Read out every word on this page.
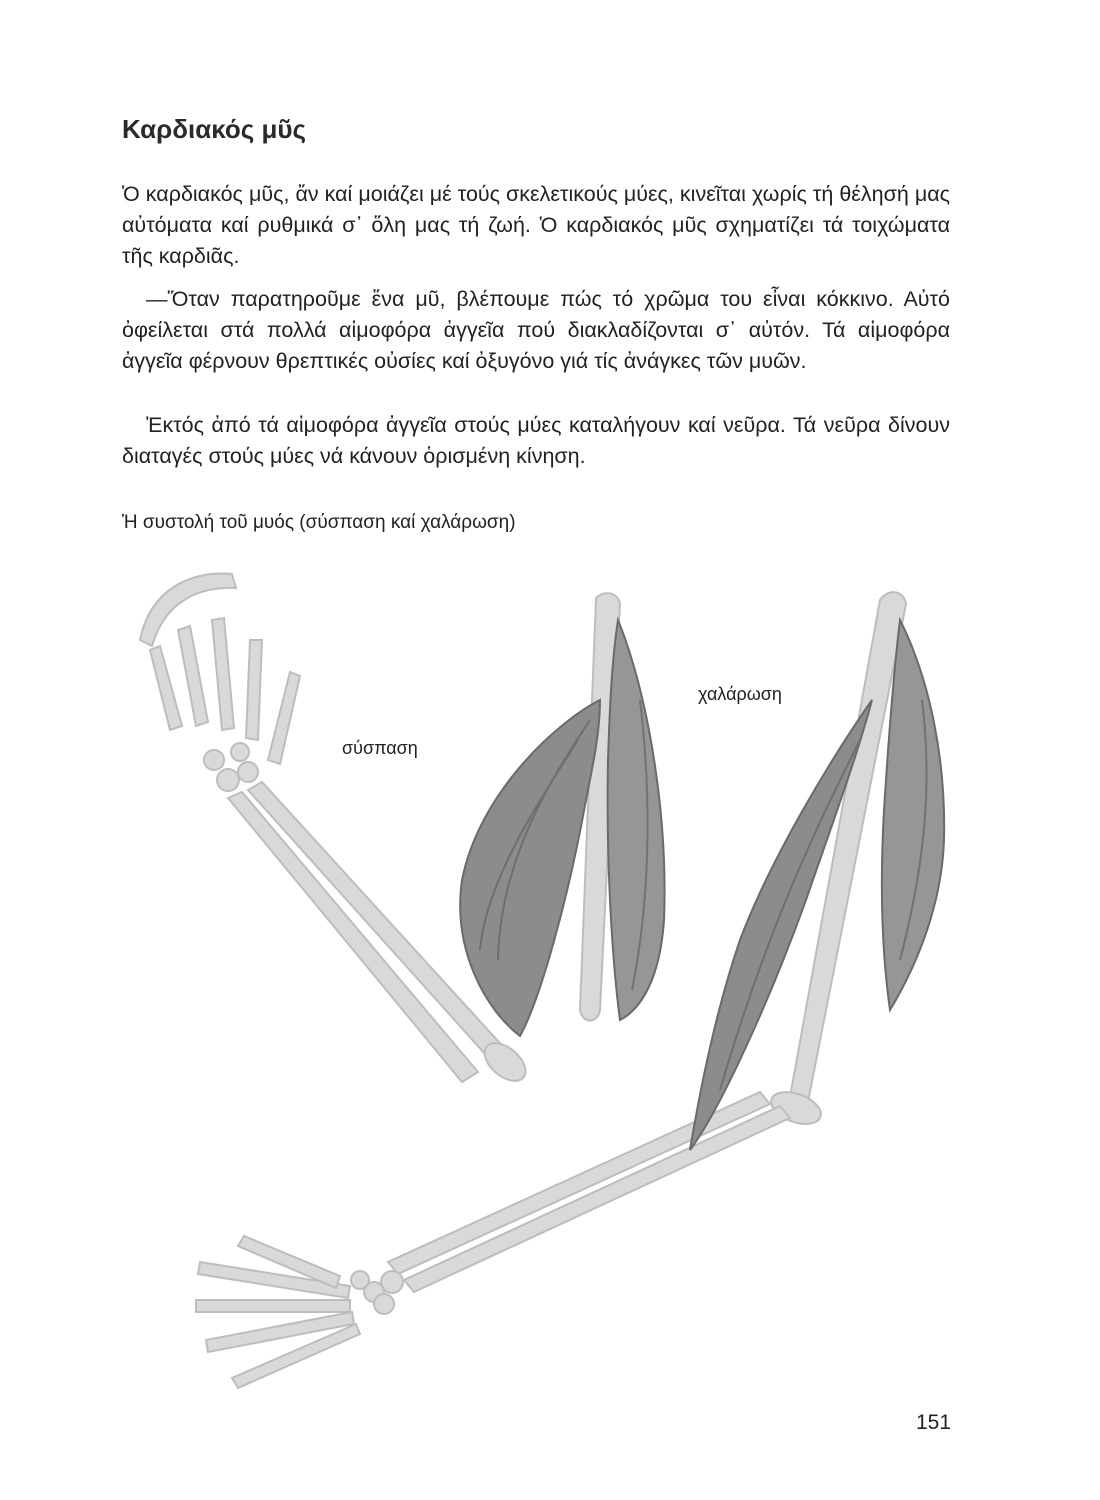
Καρδιακός μῦς

Ὁ καρδιακός μῦς, ἄν καί μοιάζει μέ τούς σκελετικούς μύες, κινεῖται χωρίς τή θέλησή μας αὐτόματα καί ρυθμικά σ᾽ ὅλη μας τή ζωή. Ὁ καρδιακός μῦς σχηματίζει τά τοιχώματα τῆς καρδιᾶς.

—Ὅταν παρατηροῦμε ἕνα μῦ, βλέπουμε πώς τό χρῶμα του εἶναι κόκκινο. Αὐτό ὀφείλεται στά πολλά αἱμοφόρα ἀγγεῖα πού διακλαδίζονται σ᾽ αὐτόν. Τά αἱμοφόρα ἀγγεῖα φέρνουν θρεπτικές οὐσίες καί ὀξυγόνο γιά τίς ἀνάγκες τῶν μυῶν.

Ἐκτός ἀπό τά αἱμοφόρα ἀγγεῖα στούς μύες καταλήγουν καί νεῦρα. Τά νεῦρα δίνουν διαταγές στούς μύες νά κάνουν ὁρισμένη κίνηση.

Ἡ συστολή τοῦ μυός (σύσπαση καί χαλάρωση)

σύσπαση
χαλάρωση
151
